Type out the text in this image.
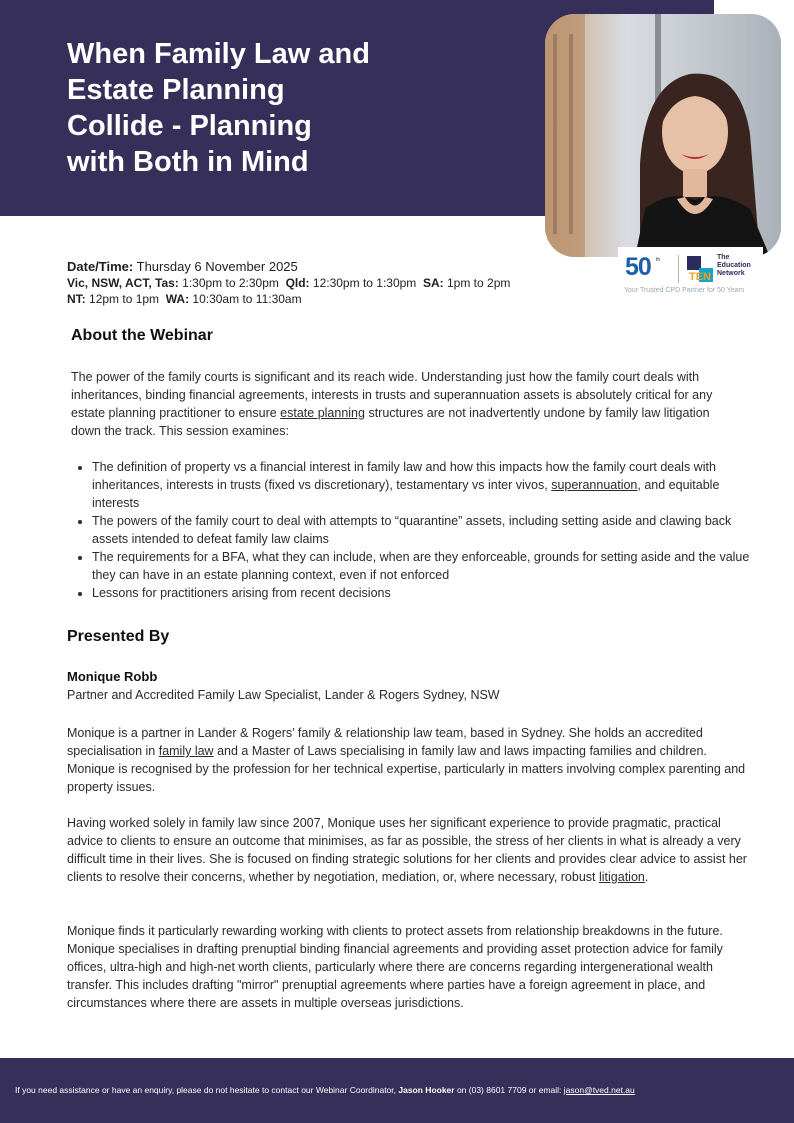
When Family Law and
Estate Planning
Collide - Planning
with Both in Mind
50 th
TEN
The
Education
Network
Your Trusted CPD Partner for 50 Years
Date/Time: Thursday 6 November 2025
Vic, NSW, ACT, Tas: 1:30pm to 2:30pm Qld: 12:30pm to 1:30pm SA: 1pm to 2pm
NT: 12pm to 1pm WA: 10:30am to 11:30am
About the Webinar

The power of the family courts is significant and its reach wide. Understanding just how the family court deals with inheritances, binding financial agreements, interests in trusts and superannuation assets is absolutely critical for any estate planning practitioner to ensure estate planning structures are not inadvertently undone by family law litigation down the track. This session examines:

• The definition of property vs a financial interest in family law and how this impacts how the family court deals with inheritances, interests in trusts (fixed vs discretionary), testamentary vs inter vivos, superannuation, and equitable interests
• The powers of the family court to deal with attempts to “quarantine” assets, including setting aside and clawing back assets intended to defeat family law claims
• The requirements for a BFA, what they can include, when are they enforceable, grounds for setting aside and the value they can have in an estate planning context, even if not enforced
• Lessons for practitioners arising from recent decisions
Presented By
Monique Robb
Partner and Accredited Family Law Specialist, Lander & Rogers Sydney, NSW

Monique is a partner in Lander & Rogers’ family & relationship law team, based in Sydney. She holds an accredited specialisation in family law and a Master of Laws specialising in family law and laws impacting families and children. Monique is recognised by the profession for her technical expertise, particularly in matters involving complex parenting and property issues.

Having worked solely in family law since 2007, Monique uses her significant experience to provide pragmatic, practical advice to clients to ensure an outcome that minimises, as far as possible, the stress of her clients in what is already a very difficult time in their lives. She is focused on finding strategic solutions for her clients and provides clear advice to assist her clients to resolve their concerns, whether by negotiation, mediation, or, where necessary, robust litigation.

Monique finds it particularly rewarding working with clients to protect assets from relationship breakdowns in the future. Monique specialises in drafting prenuptial binding financial agreements and providing asset protection advice for family offices, ultra-high and high-net worth clients, particularly where there are concerns regarding intergenerational wealth transfer. This includes drafting "mirror" prenuptial agreements where parties have a foreign agreement in place, and circumstances where there are assets in multiple overseas jurisdictions.

If you need assistance or have an enquiry, please do not hesitate to contact our Webinar Coordinator, Jason Hooker on (03) 8601 7709 or email: jason@tved.net.au
